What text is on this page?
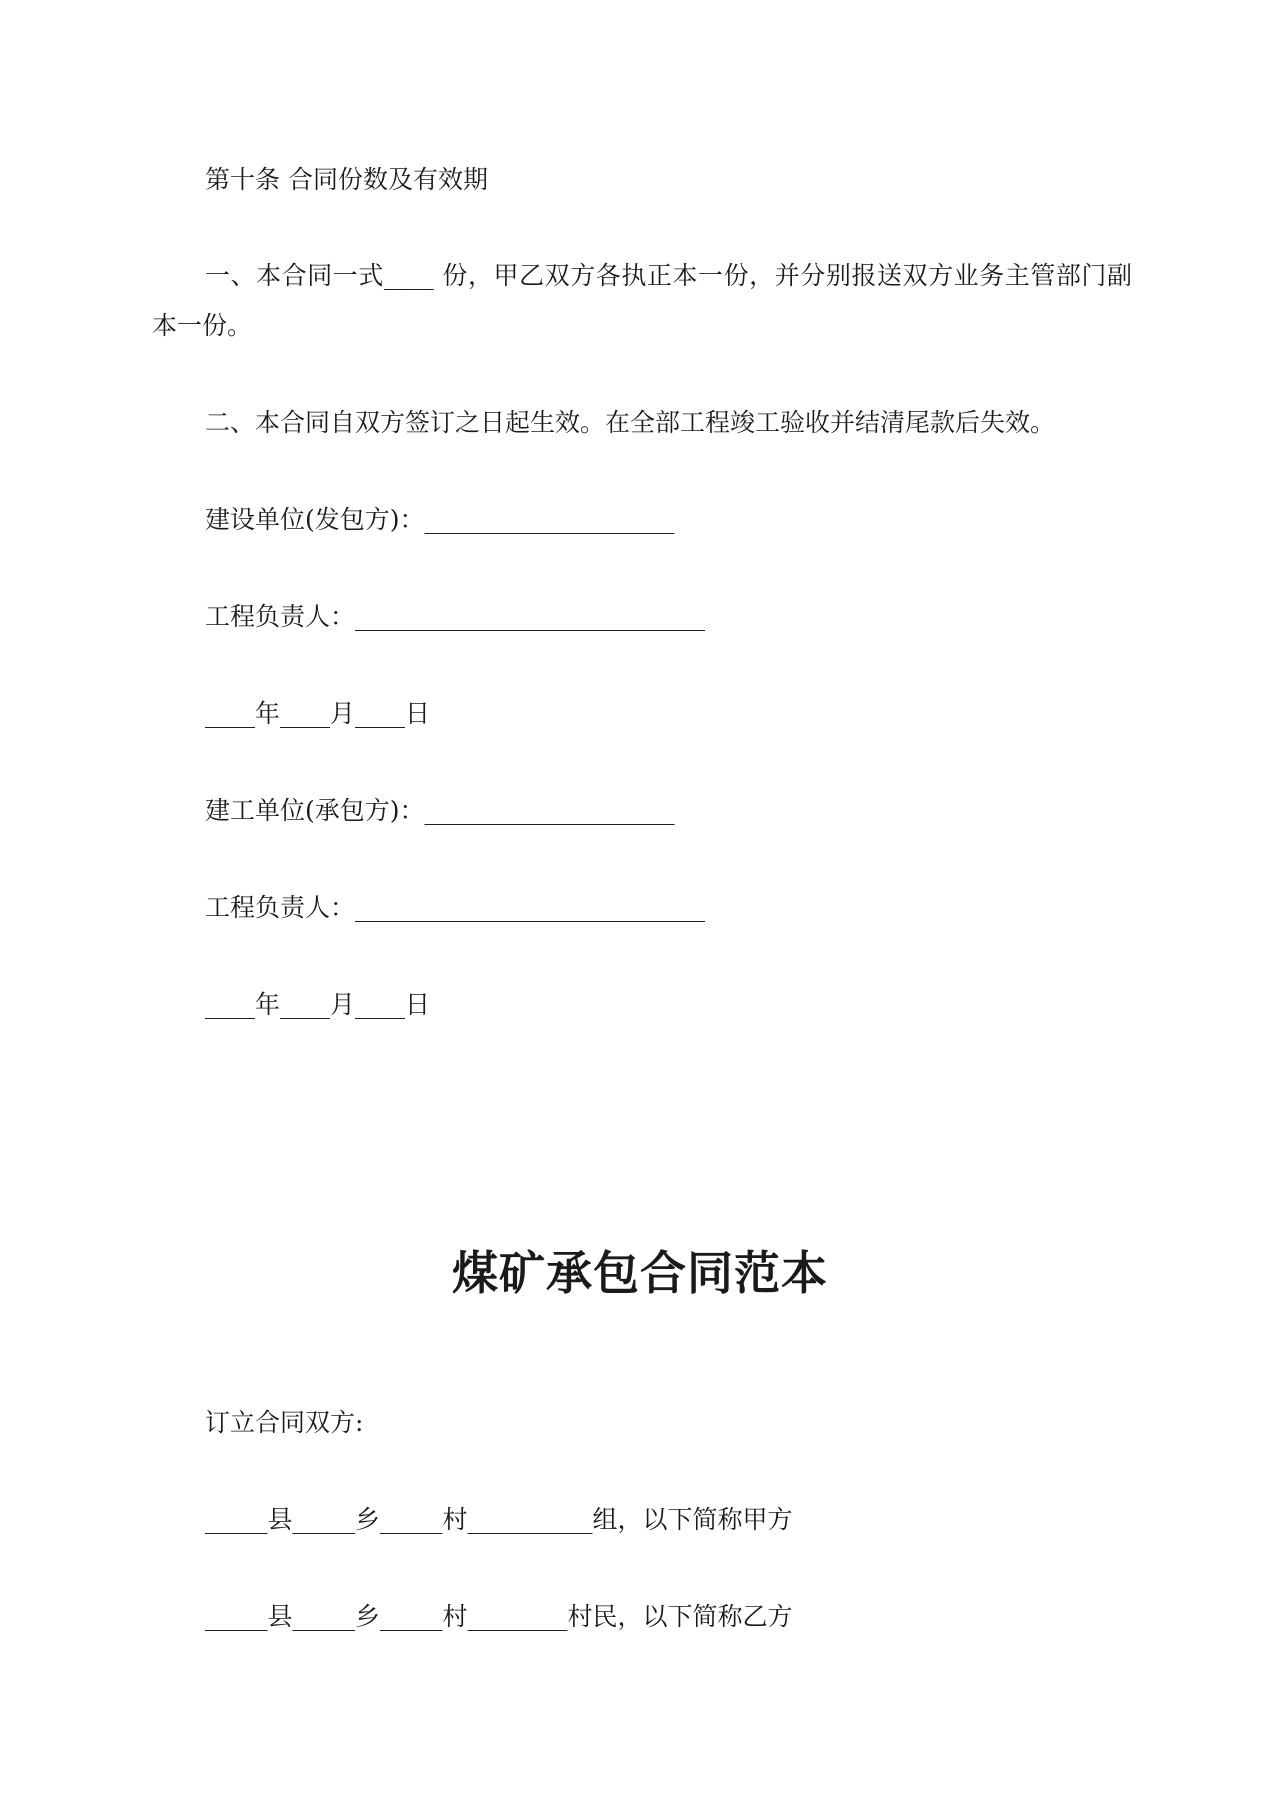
第十条 合同份数及有效期
一、本合同一式____ 份，甲乙双方各执正本一份，并分别报送双方业务主管部门副本一份。
二、本合同自双方签订之日起生效。在全部工程竣工验收并结清尾款后失效。
建设单位(发包方)：____________________
工程负责人：____________________________
____年____月____日
建工单位(承包方)：____________________
工程负责人：____________________________
____年____月____日
煤矿承包合同范本
订立合同双方:
_____县_____乡_____村__________组，以下简称甲方
_____县_____乡_____村________村民，以下简称乙方
